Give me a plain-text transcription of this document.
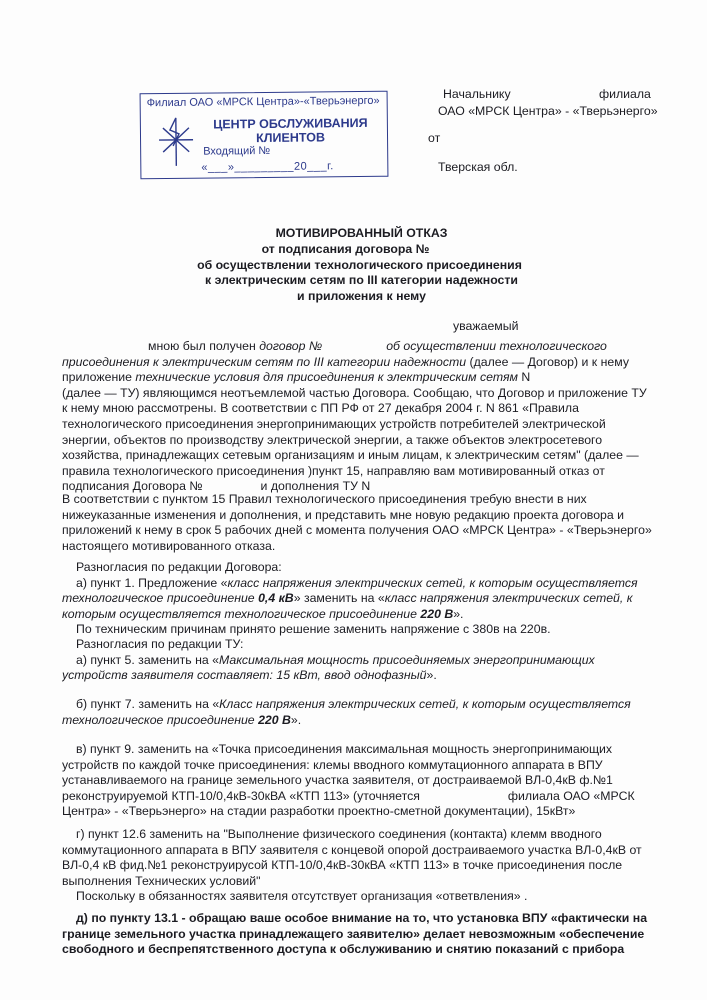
Начальнику	филиала
ОАО «МРСК Центра» - «Тверьэнерго»
от
Тверская обл.
Филиал ОАО «МРСК Центра»-«Тверьэнерго»
ЦЕНТР ОБСЛУЖИВАНИЯ
КЛИЕНТОВ
Входящий №
«___»_________20___г.
МОТИВИРОВАННЫЙ ОТКАЗ
от подписания договора №
об осуществлении технологического присоединения
к электрическим сетям по III категории надежности
и приложения к нему
уважаемый
мною был получен договор №	об осуществлении технологического
присоединения к электрическим сетям по III категории надежности (далее — Договор) и к нему
приложение технические условия для присоединения к электрическим сетям N
(далее — ТУ) являющимся неотъемлемой частью Договора. Сообщаю, что Договор и приложение ТУ
к нему мною рассмотрены. В соответствии с ПП РФ от 27 декабря 2004 г. N 861 «Правила
технологического присоединения энергопринимающих устройств потребителей электрической
энергии, объектов по производству электрической энергии, а также объектов электросетевого
хозяйства, принадлежащих сетевым организациям и иным лицам, к электрическим сетям" (далее —
правила технологического присоединения )пункт 15, направляю вам мотивированный отказ от
подписания Договора №	и дополнения ТУ N
В соответствии с пунктом 15 Правил технологического присоединения требую внести в них
нижеуказанные изменения и дополнения, и представить мне новую редакцию проекта договора и
приложений к нему в срок 5 рабочих дней с момента получения ОАО «МРСК Центра» - «Тверьэнерго»
настоящего мотивированного отказа.
Разногласия по редакции Договора:
а) пункт 1. Предложение «класс напряжения электрических сетей, к которым осуществляется
технологическое присоединение 0,4 кВ» заменить на «класс напряжения электрических сетей, к
которым осуществляется технологическое присоединение 220 В».
По техническим причинам принято решение заменить напряжение с 380в на 220в.
Разногласия по редакции ТУ:
а) пункт 5. заменить на «Максимальная мощность присоединяемых энергопринимающих
устройств заявителя составляет: 15 кВт, ввод однофазный».
б) пункт 7. заменить на «Класс напряжения электрических сетей, к которым осуществляется
технологическое присоединение 220 В».
в) пункт 9. заменить на «Точка присоединения максимальная мощность энергопринимающих
устройств по каждой точке присоединения: клемы вводного коммутационного аппарата в ВПУ
устанавливаемого на границе земельного участка заявителя, от достраиваемой ВЛ-0,4кВ ф.№1
реконструируемой КТП-10/0,4кВ-30кВА «КТП 113» (уточняется	филиала ОАО «МРСК
Центра» - «Тверьэнерго» на стадии разработки проектно-сметной документации), 15кВт»
г) пункт 12.6 заменить на "Выполнение физического соединения (контакта) клемм вводного
коммутационного аппарата в ВПУ заявителя с концевой опорой достраиваемого участка ВЛ-0,4кВ от
ВЛ-0,4 кВ фид.№1 реконструирусой КТП-10/0,4кВ-30кВА «КТП 113» в точке присоединения после
выполнения Технических условий"
Поскольку в обязанностях заявителя отсутствует организация «ответвления» .
д) по пункту 13.1 - обращаю ваше особое внимание на то, что установка ВПУ «фактически на
границе земельного участка принадлежащего заявителю» делает невозможным «обеспечение
свободного и беспрепятственного доступа к обслуживанию и снятию показаний с прибора
